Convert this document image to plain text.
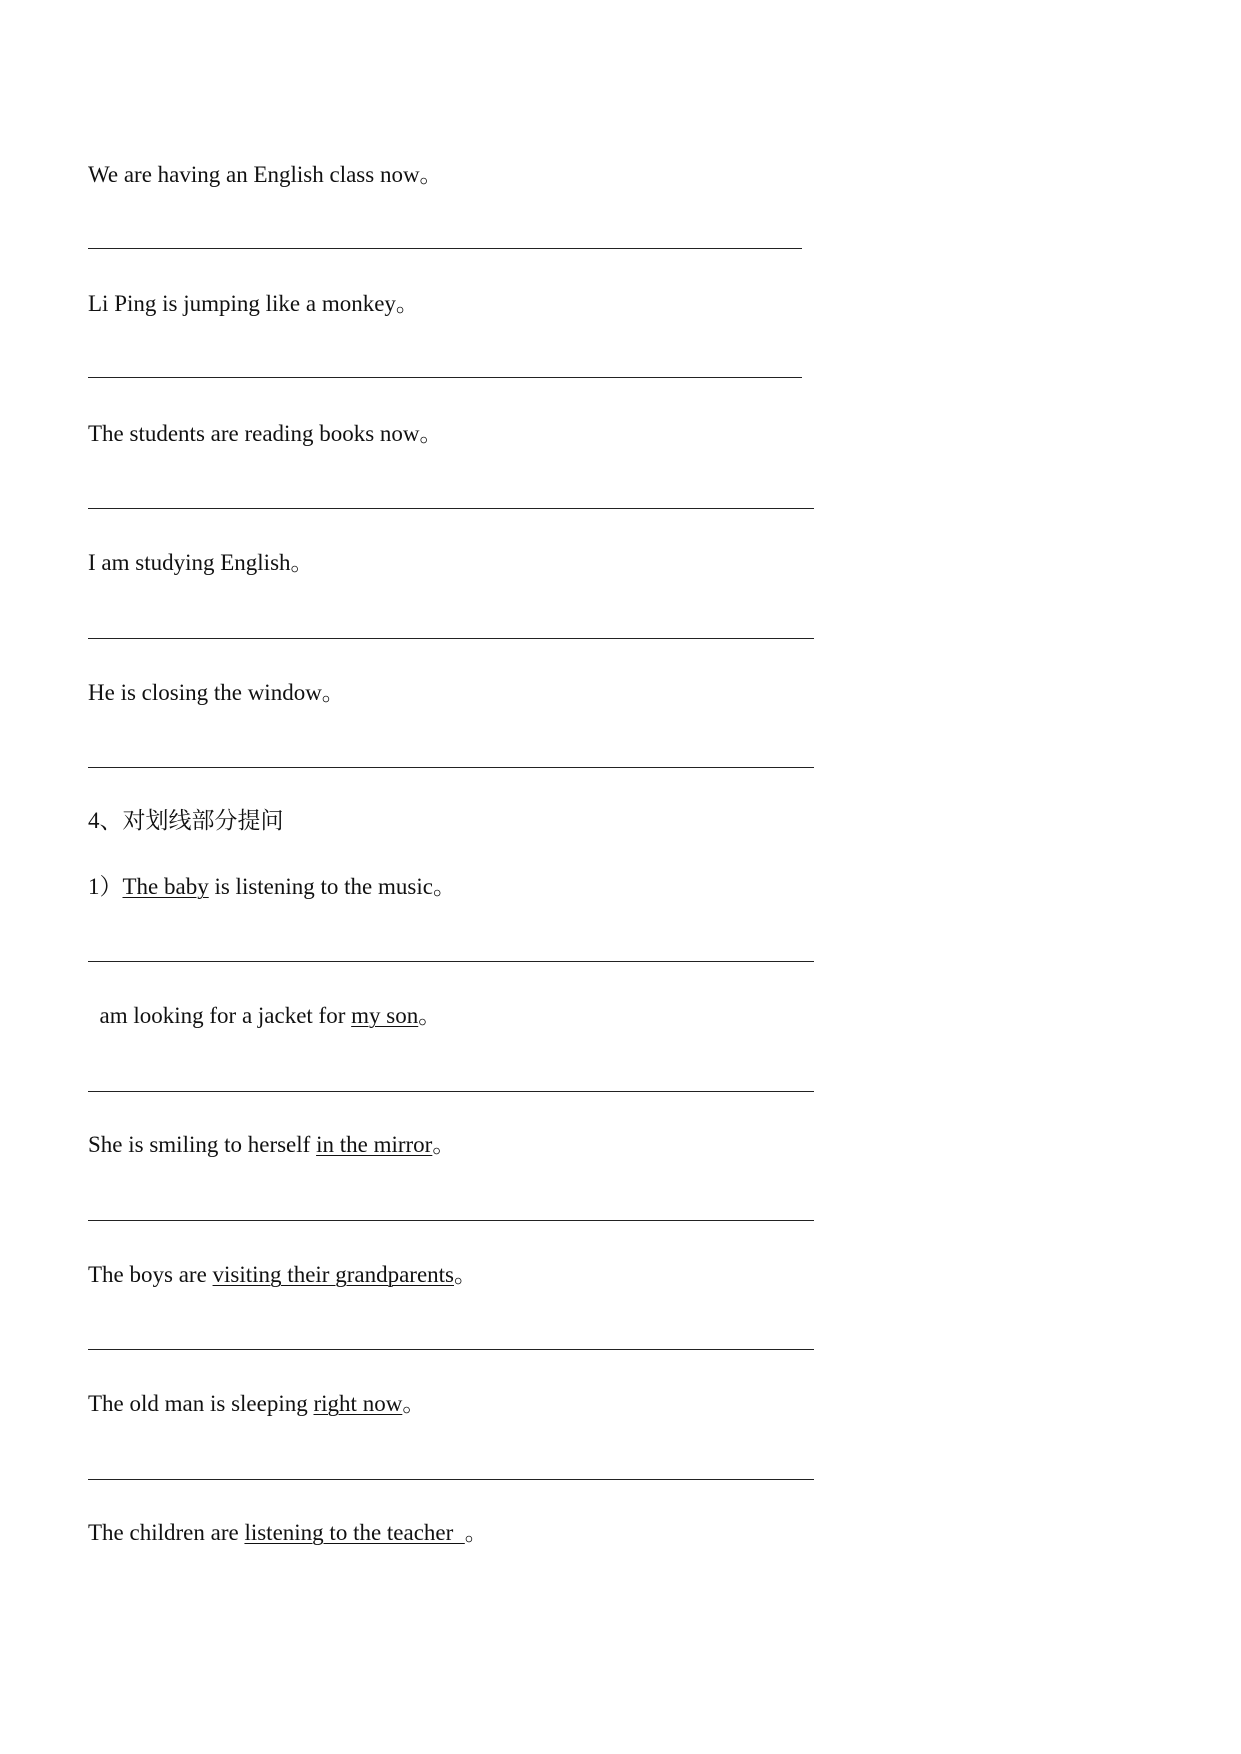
We are having an English class now。
Li Ping is jumping like a monkey。
The students are reading books now。
I am studying English。
He is closing the window。
4、对划线部分提问
1）The baby is listening to the music。
am looking for a jacket for my son。
She is smiling to herself in the mirror。
The boys are visiting their grandparents。
The old man is sleeping right now。
The children are listening to the teacher  。
